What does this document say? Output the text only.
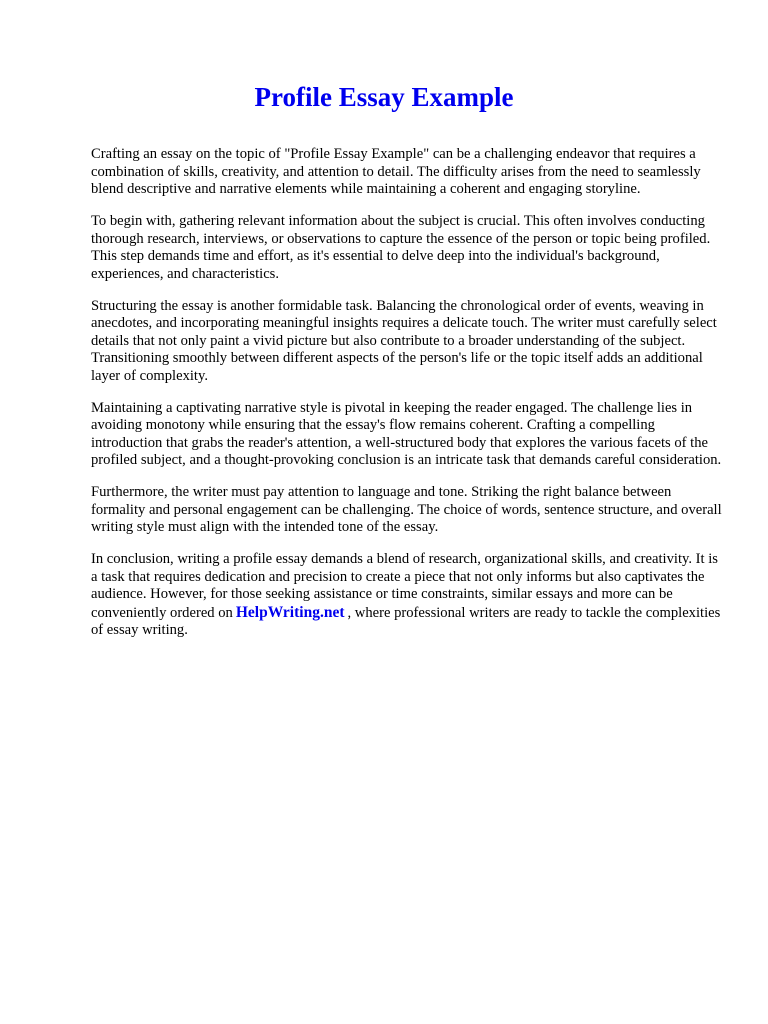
Profile Essay Example

Crafting an essay on the topic of "Profile Essay Example" can be a challenging endeavor that requires a combination of skills, creativity, and attention to detail. The difficulty arises from the need to seamlessly blend descriptive and narrative elements while maintaining a coherent and engaging storyline.

To begin with, gathering relevant information about the subject is crucial. This often involves conducting thorough research, interviews, or observations to capture the essence of the person or topic being profiled. This step demands time and effort, as it's essential to delve deep into the individual's background, experiences, and characteristics.

Structuring the essay is another formidable task. Balancing the chronological order of events, weaving in anecdotes, and incorporating meaningful insights requires a delicate touch. The writer must carefully select details that not only paint a vivid picture but also contribute to a broader understanding of the subject. Transitioning smoothly between different aspects of the person's life or the topic itself adds an additional layer of complexity.

Maintaining a captivating narrative style is pivotal in keeping the reader engaged. The challenge lies in avoiding monotony while ensuring that the essay's flow remains coherent. Crafting a compelling introduction that grabs the reader's attention, a well-structured body that explores the various facets of the profiled subject, and a thought-provoking conclusion is an intricate task that demands careful consideration.

Furthermore, the writer must pay attention to language and tone. Striking the right balance between formality and personal engagement can be challenging. The choice of words, sentence structure, and overall writing style must align with the intended tone of the essay.

In conclusion, writing a profile essay demands a blend of research, organizational skills, and creativity. It is a task that requires dedication and precision to create a piece that not only informs but also captivates the audience. However, for those seeking assistance or time constraints, similar essays and more can be conveniently ordered on HelpWriting.net , where professional writers are ready to tackle the complexities of essay writing.
